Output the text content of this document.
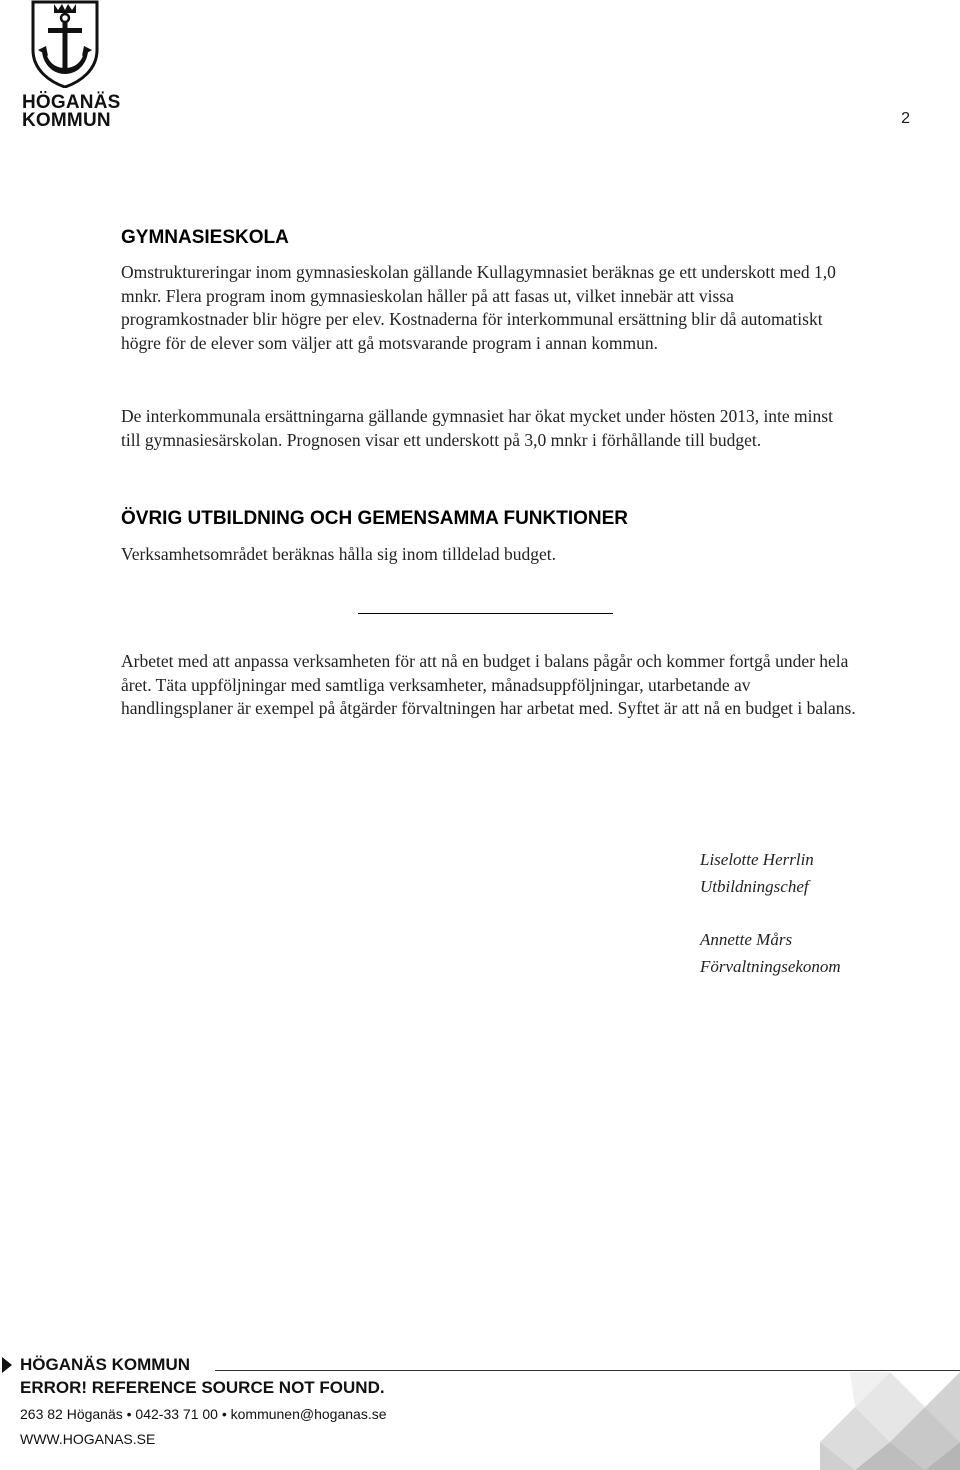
HÖGANÄS
KOMMUN	2
GYMNASIESKOLA
Omstruktureringar inom gymnasieskolan gällande Kullagymnasiet beräknas ge ett underskott med 1,0 mnkr. Flera program inom gymnasieskolan håller på att fasas ut, vilket innebär att vissa programkostnader blir högre per elev. Kostnaderna för interkommunal ersättning blir då automatiskt högre för de elever som väljer att gå motsvarande program i annan kommun.
De interkommunala ersättningarna gällande gymnasiet har ökat mycket under hösten 2013, inte minst till gymnasiesärskolan. Prognosen visar ett underskott på 3,0 mnkr i förhållande till budget.
ÖVRIG UTBILDNING OCH GEMENSAMMA FUNKTIONER
Verksamhetsområdet beräknas hålla sig inom tilldelad budget.
Arbetet med att anpassa verksamheten för att nå en budget i balans pågår och kommer fortgå under hela året. Täta uppföljningar med samtliga verksamheter, månadsuppföljningar, utarbetande av handlingsplaner är exempel på åtgärder förvaltningen har arbetat med. Syftet är att nå en budget i balans.
Liselotte Herrlin
Utbildningschef
Annette Mårs
Förvaltningsekonom
HÖGANÄS KOMMUN
ERROR! REFERENCE SOURCE NOT FOUND.
263 82 Höganäs • 042-33 71 00 • kommunen@hoganas.se
WWW.HOGANAS.SE
